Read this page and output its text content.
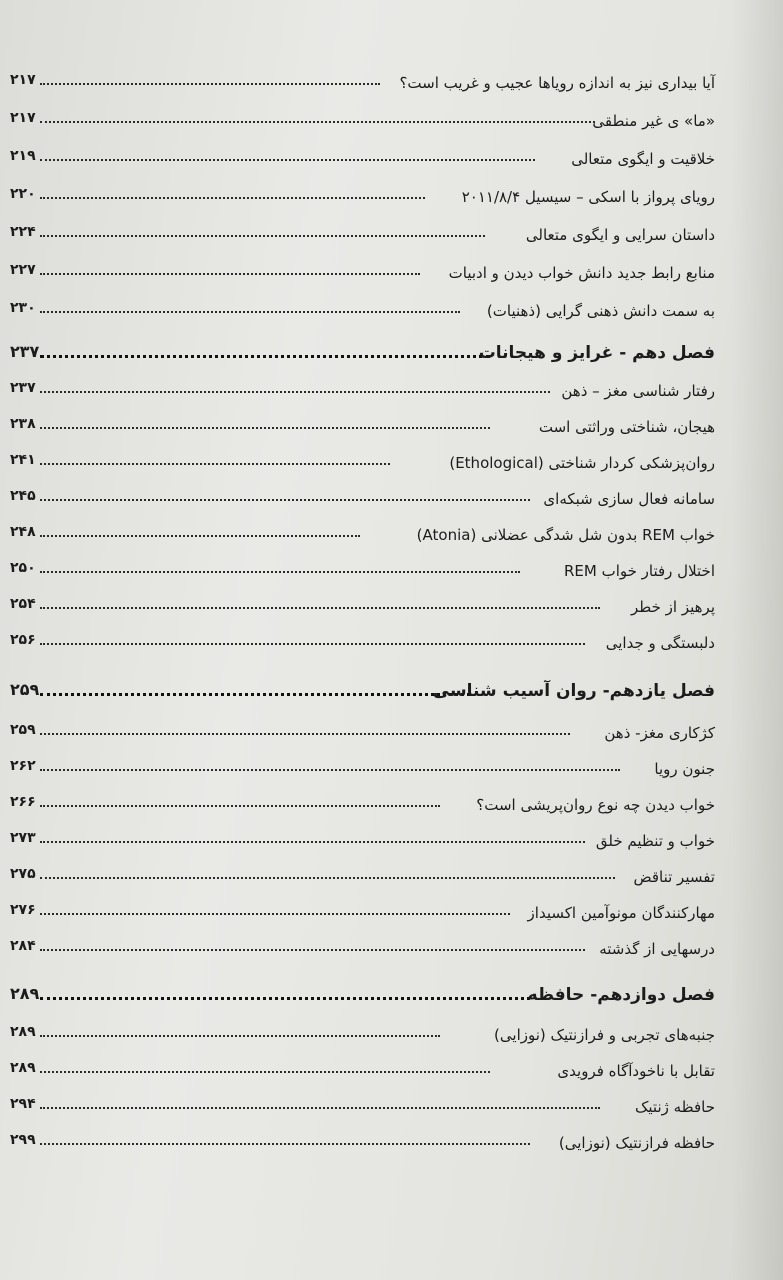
۲۱۷	آیا بیداری نیز به اندازه رویاها عجیب و غریب است؟
۲۱۷	«ما» ی غیر منطقی
۲۱۹	خلاقیت و ایگوی متعالی
۲۲۰	رویای پرواز با اسکی – سیسیل ۲۰۱۱/۸/۴
۲۲۴	داستان سرایی و ایگوی متعالی
۲۲۷	منابع رابط جدید دانش خواب دیدن و ادبیات
۲۳۰	به سمت دانش ذهنی گرایی (ذهنیات)
۲۳۷	فصل دهم - غرایز و هیجانات
۲۳۷	رفتار شناسی مغز – ذهن
۲۳۸	هیجان، شناختی وراثتی است
۲۴۱	روان‌پزشکی کردار شناختی (Ethological)
۲۴۵	سامانه فعال سازی شبکه‌ای
۲۴۸	خواب REM بدون شل شدگی عضلانی (Atonia)
۲۵۰	اختلال رفتار خواب REM
۲۵۴	پرهیز از خطر
۲۵۶	دلبستگی و جدایی
۲۵۹	فصل یازدهم- روان آسیب شناسی
۲۵۹	کژکاری مغز- ذهن
۲۶۲	جنون رویا
۲۶۶	خواب دیدن چه نوع روان‌پریشی است؟
۲۷۳	خواب و تنظیم خلق
۲۷۵	تفسیر تناقض
۲۷۶	مهارکنندگان مونوآمین اکسیداز
۲۸۴	درسهایی از گذشته
۲۸۹	فصل دوازدهم- حافظه
۲۸۹	جنبه‌های تجربی و فرازنتیک (نوزایی)
۲۸۹	تقابل با ناخودآگاه فرویدی
۲۹۴	حافظه ژنتیک
۲۹۹	حافظه فرازنتیک (نوزایی)
